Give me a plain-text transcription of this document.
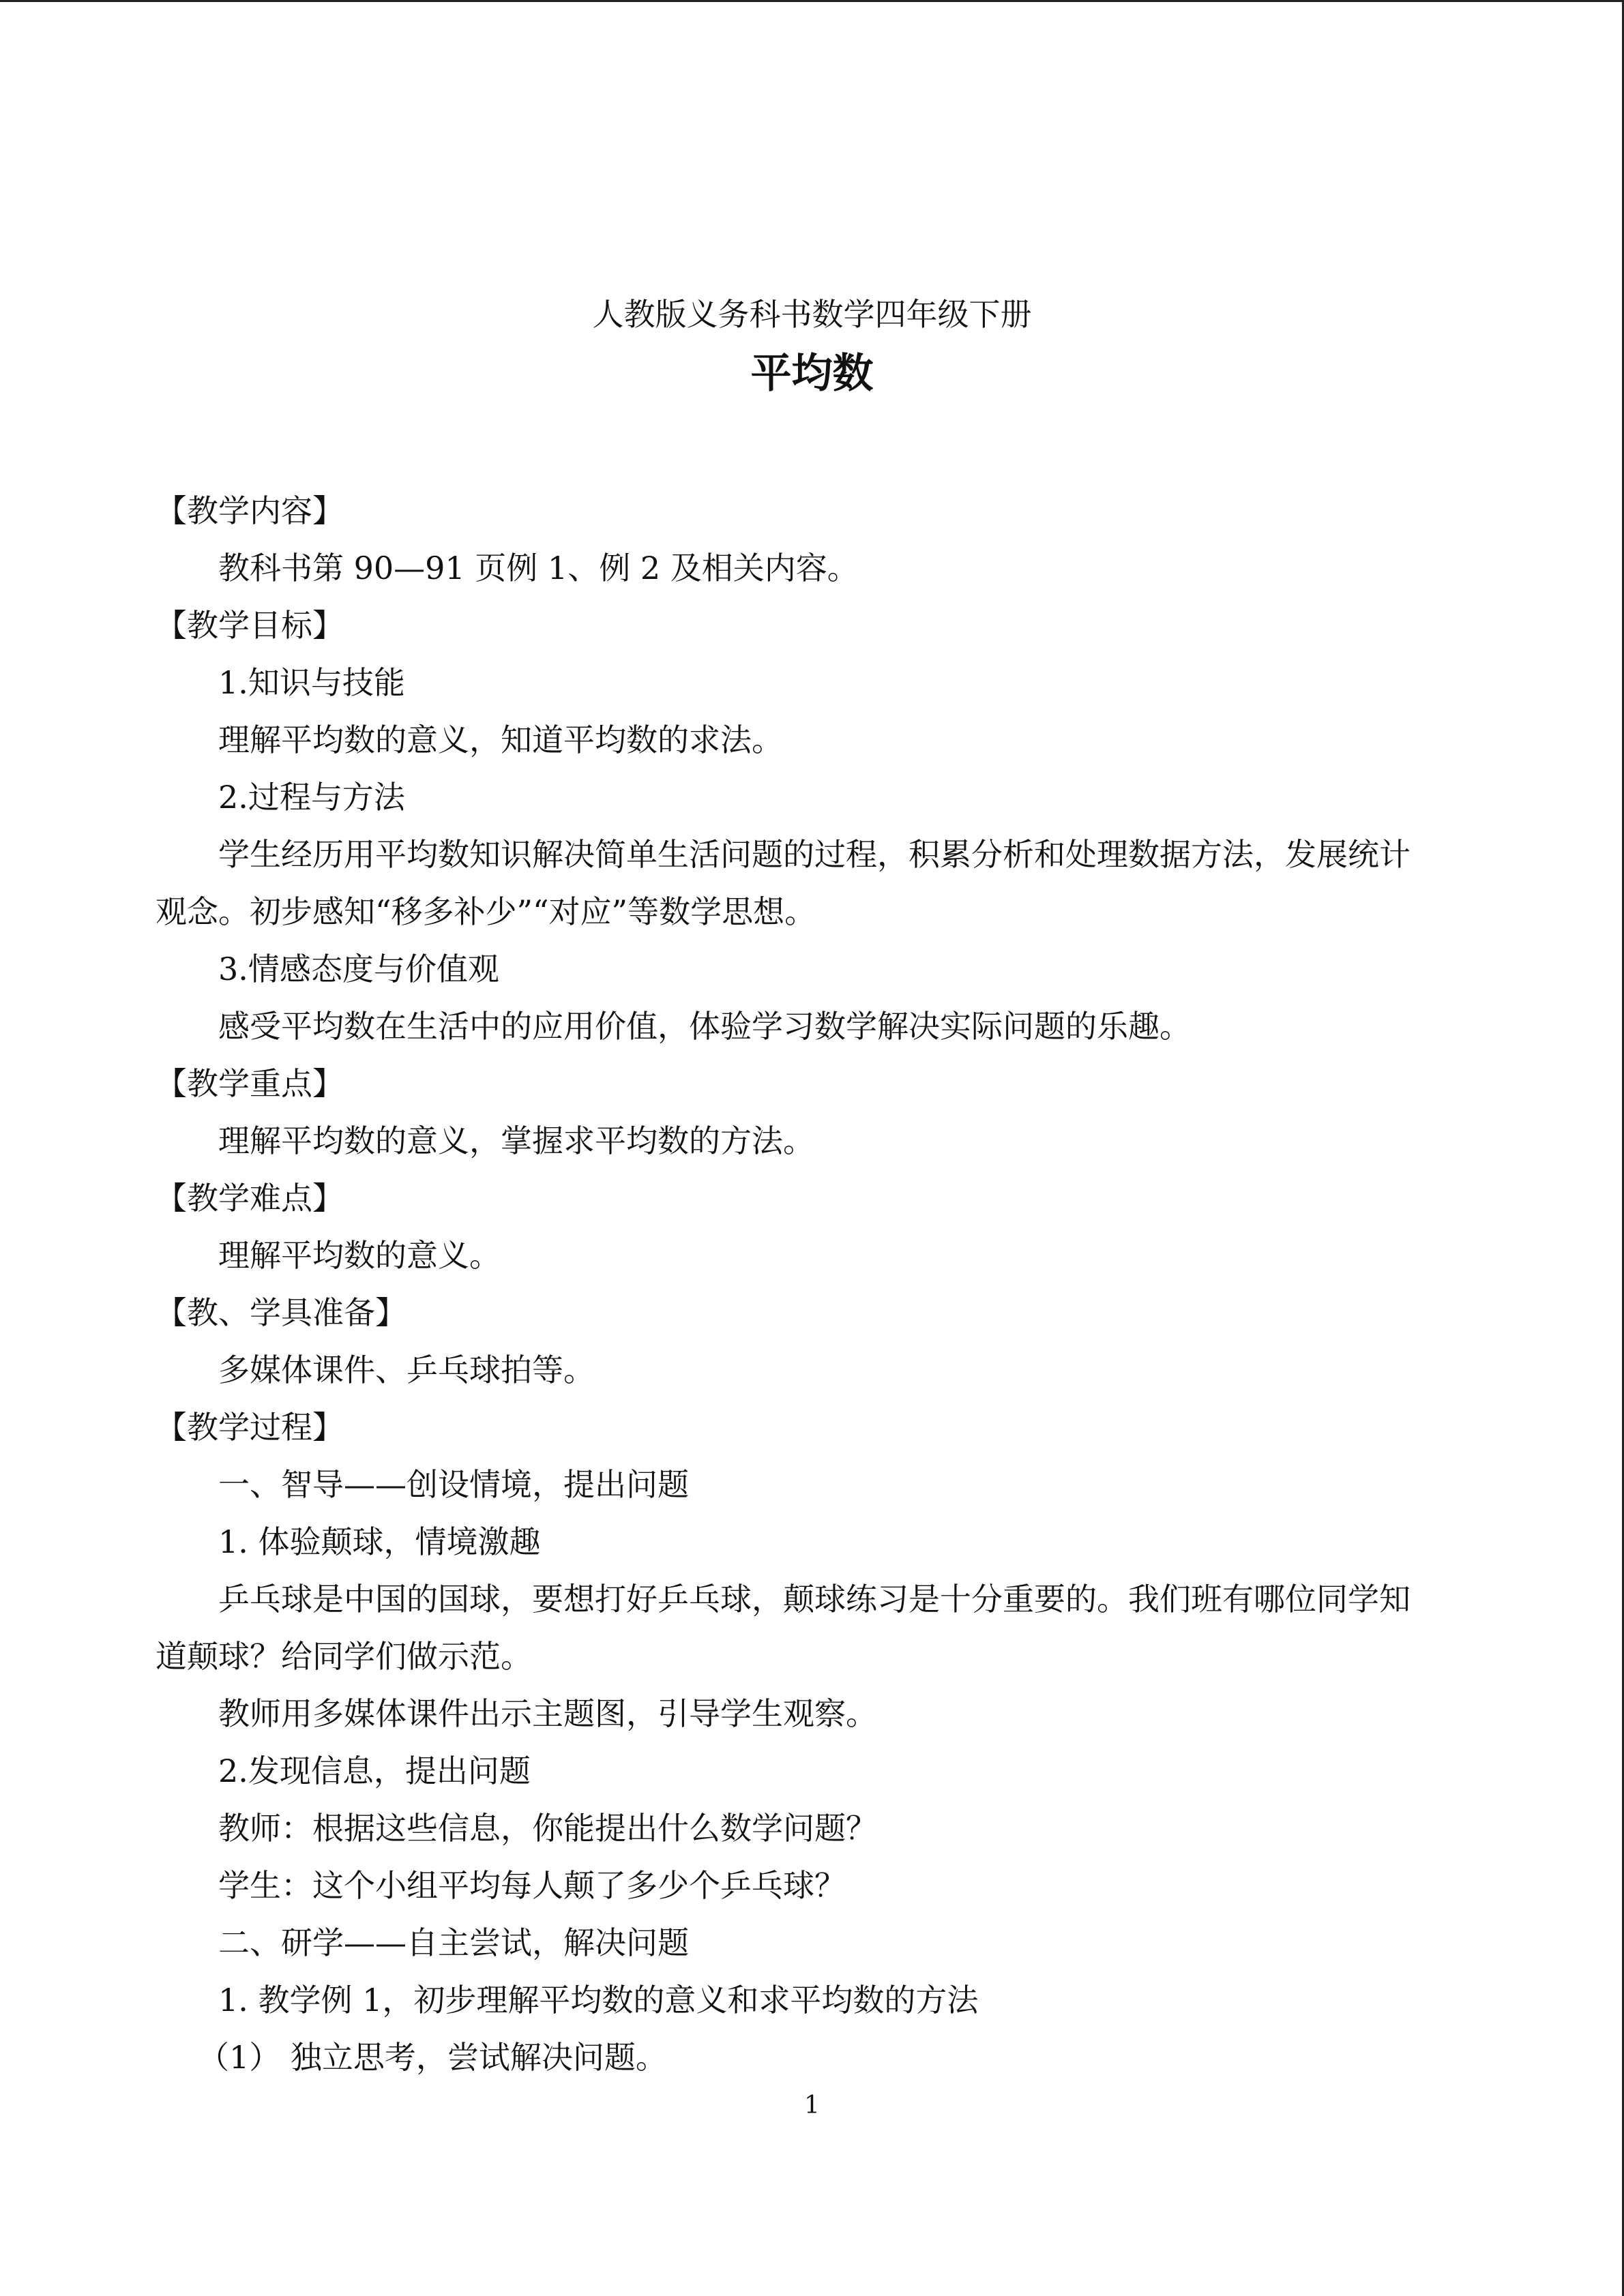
人教版义务科书数学四年级下册
平均数

【教学内容】

教科书第 90—91 页例 1、例 2 及相关内容。

【教学目标】

1.知识与技能

理解平均数的意义，知道平均数的求法。

2.过程与方法

学生经历用平均数知识解决简单生活问题的过程，积累分析和处理数据方法，发展统计

观念。初步感知“移多补少”“对应”等数学思想。

3.情感态度与价值观

感受平均数在生活中的应用价值，体验学习数学解决实际问题的乐趣。

【教学重点】

理解平均数的意义，掌握求平均数的方法。

【教学难点】

理解平均数的意义。

【教、学具准备】

多媒体课件、乒乓球拍等。

【教学过程】

一、智导——创设情境，提出问题

1. 体验颠球，情境激趣

乒乓球是中国的国球，要想打好乒乓球，颠球练习是十分重要的。我们班有哪位同学知

道颠球？给同学们做示范。

教师用多媒体课件出示主题图，引导学生观察。

2.发现信息，提出问题

教师：根据这些信息，你能提出什么数学问题？

学生：这个小组平均每人颠了多少个乒乓球？

二、研学——自主尝试，解决问题

1. 教学例 1，初步理解平均数的意义和求平均数的方法

（1） 独立思考，尝试解决问题。

1
